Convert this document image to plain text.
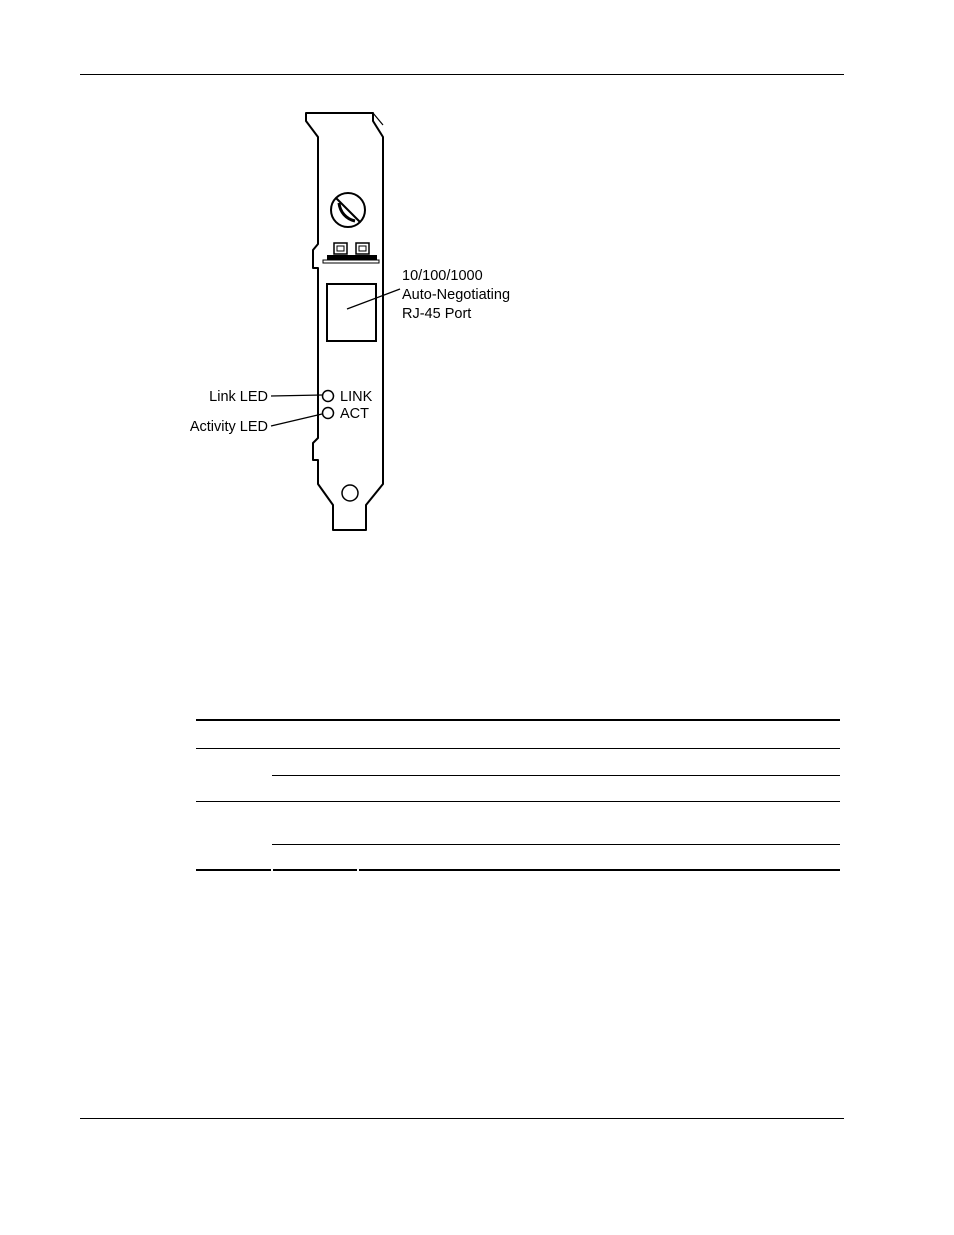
10/100/1000
Auto-Negotiating
RJ-45 Port
Link LED
Activity LED
LINK
ACT
